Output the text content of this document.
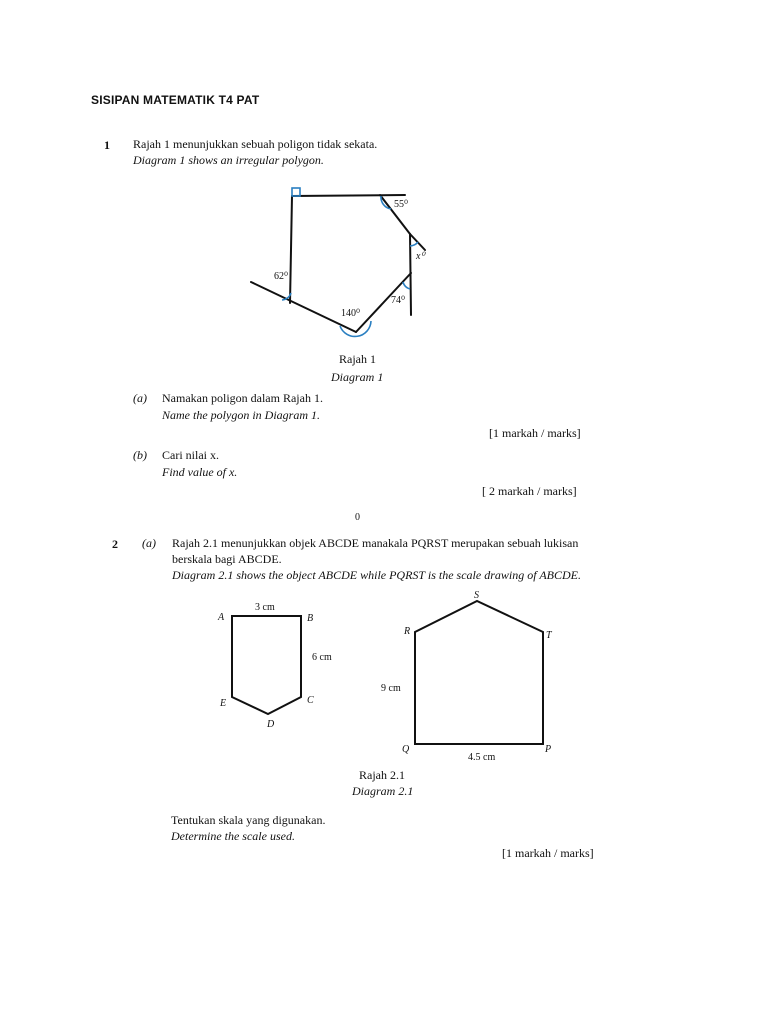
SISIPAN MATEMATIK T4 PAT
1 Rajah 1 menunjukkan sebuah poligon tidak sekata.
Diagram 1 shows an irregular polygon.
55⁰
x⁰
62⁰
74⁰
140⁰
Rajah 1
Diagram 1
(a) Namakan poligon dalam Rajah 1.
Name the polygon in Diagram 1.
[1 markah / marks]
(b) Cari nilai x.
Find value of x.
[ 2 markah / marks]
0
2 (a) Rajah 2.1 menunjukkan objek ABCDE manakala PQRST merupakan sebuah lukisan
berskala bagi ABCDE.
Diagram 2.1 shows the object ABCDE while PQRST is the scale drawing of ABCDE.
A	B
C
D
E
3 cm
6 cm
P
Q
R
S
T
9 cm
4.5 cm
Rajah 2.1
Diagram 2.1
Tentukan skala yang digunakan.
Determine the scale used.
[1 markah / marks]
